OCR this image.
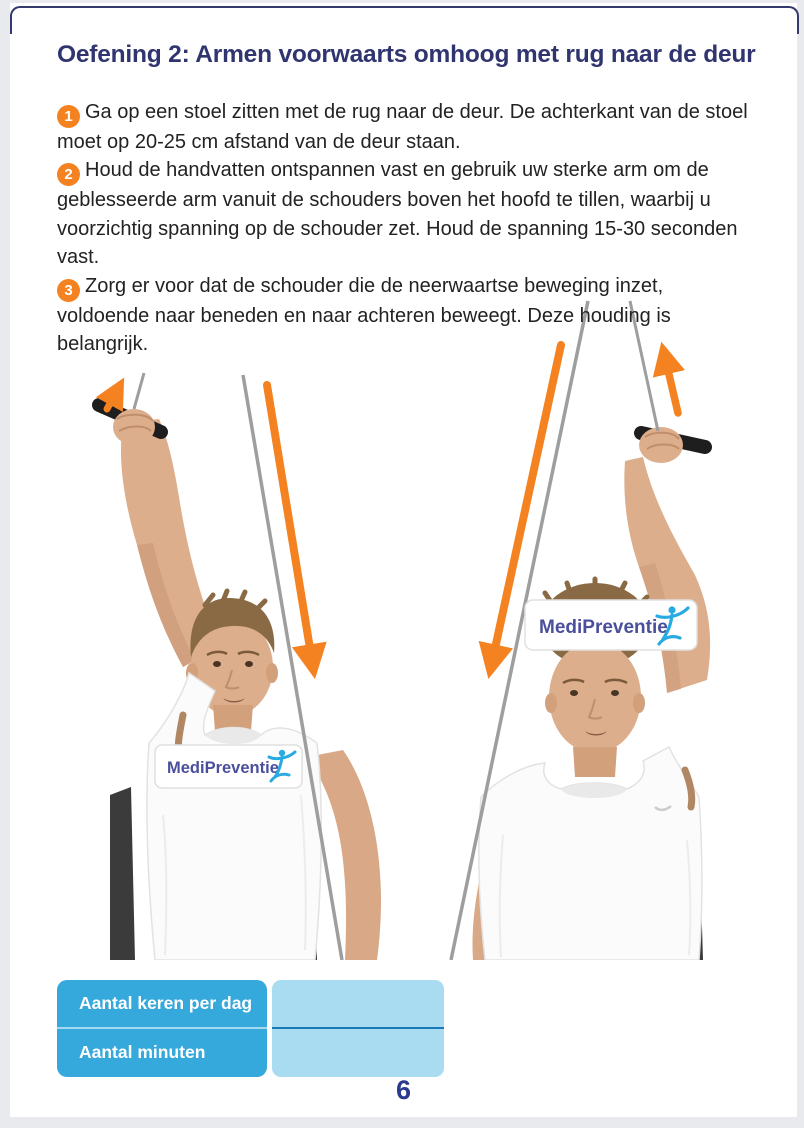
Oefening 2: Armen voorwaarts omhoog met rug naar de deur
MediPreventie
MediPreventie
1 Ga op een stoel zitten met de rug naar de deur. De achterkant van de stoel moet op 20-25 cm afstand van de deur staan.
2 Houd de handvatten ontspannen vast en gebruik uw sterke arm om de geblesseerde arm vanuit de schouders boven het hoofd te tillen, waarbij u voorzichtig spanning op de schouder zet. Houd de spanning 15-30 seconden vast.
3 Zorg er voor dat de schouder die de neerwaartse beweging inzet, voldoende naar beneden en naar achteren beweegt. Deze houding is belangrijk.
Aantal keren per dag
Aantal minuten
6
